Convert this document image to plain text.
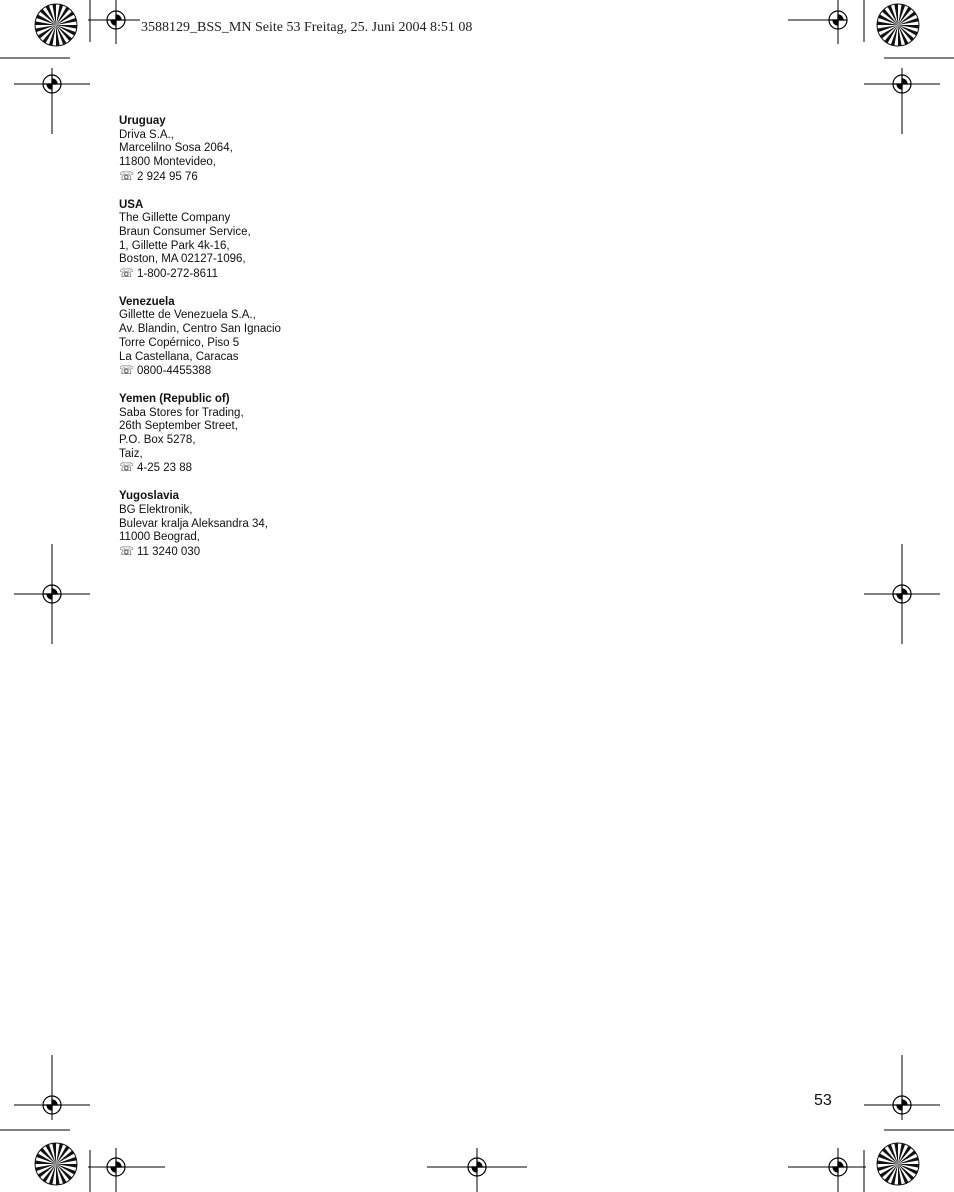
3588129_BSS_MN Seite 53 Freitag, 25. Juni 2004 8:51 08
Uruguay
Driva S.A.,
Marcelilno Sosa 2064,
11800 Montevideo,
☏ 2 924 95 76
USA
The Gillette Company
Braun Consumer Service,
1, Gillette Park 4k-16,
Boston, MA 02127-1096,
☏ 1-800-272-8611
Venezuela
Gillette de Venezuela S.A.,
Av. Blandin, Centro San Ignacio
Torre Copérnico, Piso 5
La Castellana, Caracas
☏ 0800-4455388
Yemen (Republic of)
Saba Stores for Trading,
26th September Street,
P.O. Box 5278,
Taiz,
☏ 4-25 23 88
Yugoslavia
BG Elektronik,
Bulevar kralja Aleksandra 34,
11000 Beograd,
☏ 11 3240 030
53
